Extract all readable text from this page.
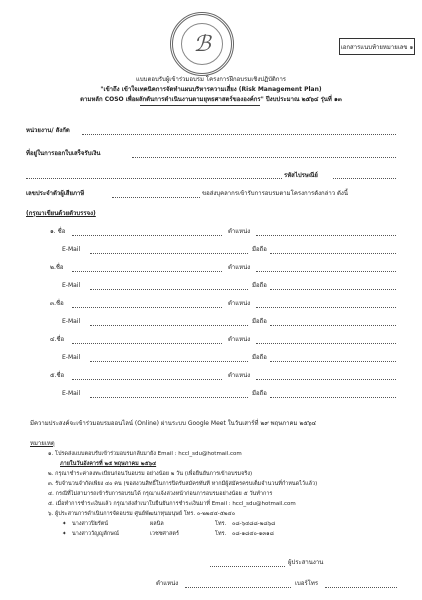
ℬ	เอกสารแนบท้ายหมายเลข ๑
แบบตอบรับผู้เข้าร่วมอบรม โครงการฝึกอบรมเชิงปฏิบัติการ
"เข้าถึง เข้าใจเทคนิคการจัดทำแผนบริหารความเสี่ยง (Risk Management Plan)
ตามหลัก COSO เพื่อผลักดันการดำเนินงานตามยุทธศาสตร์ขององค์กร" ปีงบประมาณ ๒๕๖๔ รุ่นที่ ๑๓
หน่วยงาน/ สังกัด
ที่อยู่ในการออกใบเสร็จรับเงิน
รหัสไปรษณีย์
เลขประจำตัวผู้เสียภาษี	ขอส่งบุคลากรเข้ารับการอบรมตามโครงการดังกล่าว ดังนี้
(กรุณาเขียนด้วยตัวบรรจง)
๑. ชื่อ	ตำแหน่ง
E-Mail	มือถือ
๒.ชื่อ	ตำแหน่ง
E-Mail	มือถือ
๓.ชื่อ	ตำแหน่ง
E-Mail	มือถือ
๔.ชื่อ	ตำแหน่ง
E-Mail	มือถือ
๕.ชื่อ	ตำแหน่ง
E-Mail	มือถือ
มีความประสงค์จะเข้าร่วมอบรมออนไลน์ (Online) ผ่านระบบ Google Meet ในวันเสาร์ที่ ๒๙ พฤษภาคม ๒๕๖๔
หมายเหตุ
๑. โปรดส่งแบบตอบรับเข้าร่วมอบรมกลับมายัง Email : hccl_sdu@hotmail.com
ภายในวันอังคารที่ ๒๕ พฤษภาคม ๒๕๖๔
๒. กรุณาชำระค่าลงทะเบียนก่อนวันอบรม อย่างน้อย ๒ วัน (เพื่อยืนยันการเข้าอบรมจริง)
๓. รับจำนวนจำกัดเพียง ๔๐ คน (ขอสงวนสิทธิ์ในการปิดรับสมัครทันที หากมีผู้สมัครครบเต็มจำนวนที่กำหนดไว้แล้ว)
๔. กรณีที่ไม่สามารถเข้ารับการอบรมได้ กรุณาแจ้งล่วงหน้าก่อนการอบรมอย่างน้อย ๕ วันทำการ
๕. เมื่อทำการชำระเงินแล้ว กรุณาส่งสำเนาใบยืนยันการชำระเงินมาที่ Email : hccl_sdu@hotmail.com
๖. ผู้ประสานการดำเนินการจัดอบรม ศูนย์พัฒนาทุนมนุษย์ โทร. ๐-๒๒๔๔-๕๒๔๐
✦ นางสาวปิยรัตน์	ผลนิล	โทร. ๐๘-๖๔๘๘-๒๘๖๘
✦ นางสาววัญญูลักษณ์	เวชชศาสตร์	โทร. ๐๘-๑๘๔๐-๑๓๑๘
ผู้ประสานงาน
ตำแหน่ง	เบอร์โทร
